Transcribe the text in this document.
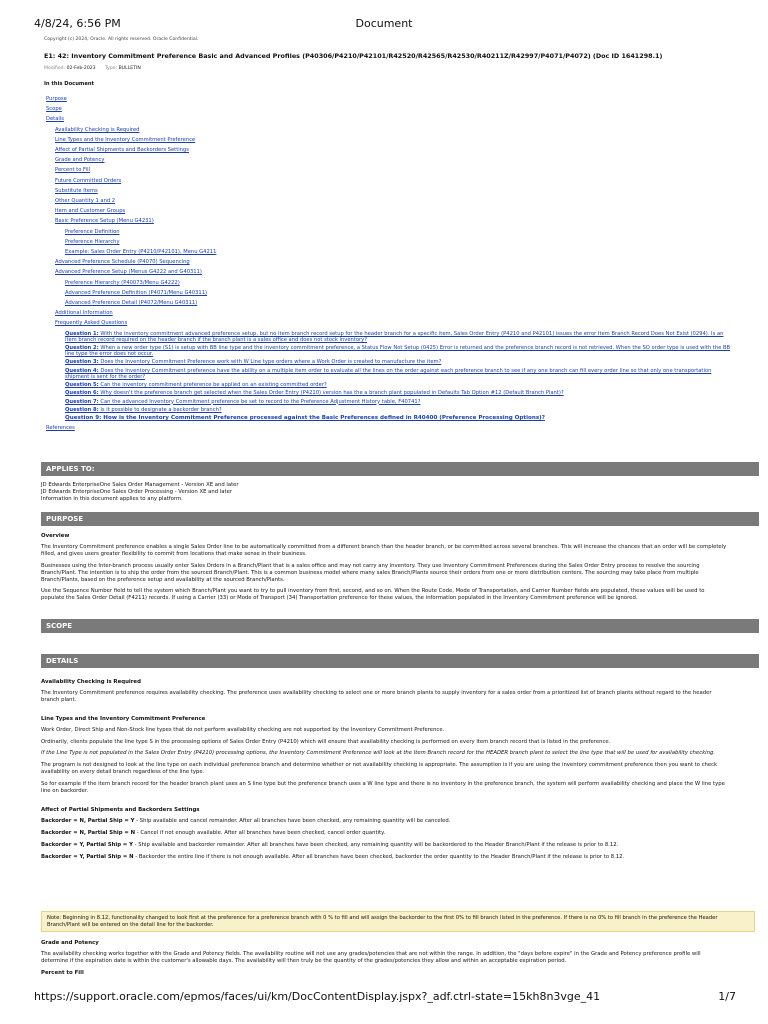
4/8/24, 6:56 PM	Document
Copyright (c) 2024, Oracle. All rights reserved. Oracle Confidential.
E1: 42: Inventory Commitment Preference Basic and Advanced Profiles (P40306/P4210/P42101/R42520/R42565/R42530/R40211Z/R42997/P4071/P4072) (Doc ID 1641298.1)
Modified: 02-Feb-2023 Type: BULLETIN
In this Document
Purpose
Scope
Details
Availability Checking is Required
Line Types and the Inventory Commitment Preference
Affect of Partial Shipments and Backorders Settings
Grade and Potency
Percent to Fill
Future Committed Orders
Substitute Items
Other Quantity 1 and 2
Item and Customer Groups
Basic Preference Setup (Menu G4231)
Preference Definition
Preference Hierarchy
Example: Sales Order Entry (P4210/P42101), Menu G4211
Advanced Preference Schedule (P4070) Sequencing
Advanced Preference Setup (Menus G4222 and G40311)
Preference Hierarchy (P40073/Menu G4222)
Advanced Preference Definition (P4071/Menu G40311)
Advanced Preference Detail (P4072/Menu G40311)
Additional Information
Frequently Asked Questions
Question 1: With the inventory commitment advanced preference setup, but no item branch record setup for the header branch for a specific item, Sales Order Entry (P4210 and P42101) issues the error Item Branch Record Does Not Exist (0294). Is an item branch record required on the header branch if the branch plant is a sales office and does not stock inventory?
Question 2: When a new order type (S1) is setup with BB line type and the inventory commitment preference, a Status Flow Not Setup (0425) Error is returned and the preference branch record is not retrieved. When the SO order type is used with the BB line type the error does not occur.
Question 3: Does the Inventory Commitment Preference work with W Line type orders where a Work Order is created to manufacture the item?
Question 4: Does the Inventory Commitment preference have the ability on a multiple item order to evaluate all the lines on the order against each preference branch to see if any one branch can fill every order line so that only one transportation shipment is sent for the order?
Question 5: Can the inventory commitment preference be applied on an existing committed order?
Question 6: Why doesn't the preference branch get selected when the Sales Order Entry (P4210) version has the a branch plant populated in Defaults Tab Option #12 (Default Branch Plant)?
Question 7: Can the advanced Inventory Commitment preference be set to record to the Preference Adjustment History table, F40741?
Question 8: Is it possible to designate a backorder branch?
Question 9: How is the Inventory Commitment Preference processed against the Basic Preferences defined in R40400 (Preference Processing Options)?
References
APPLIES TO:
JD Edwards EnterpriseOne Sales Order Management - Version XE and later
JD Edwards EnterpriseOne Sales Order Processing - Version XE and later
Information in this document applies to any platform.
PURPOSE

Overview

The Inventory Commitment preference enables a single Sales Order line to be automatically committed from a different branch than the header branch, or be committed across several branches. This will increase the chances that an order will be completely filled, and gives users greater flexibility to commit from locations that make sense in their business.

Businesses using the Inter-branch process usually enter Sales Orders in a Branch/Plant that is a sales office and may not carry any inventory. They use Inventory Commitment Preferences during the Sales Order Entry process to resolve the sourcing Branch/Plant. The intention is to ship the order from the sourced Branch/Plant. This is a common business model where many sales Branch/Plants source their orders from one or more distribution centers. The sourcing may take place from multiple Branch/Plants, based on the preference setup and availability at the sourced Branch/Plants.

Use the Sequence Number field to tell the system which Branch/Plant you want to try to pull inventory from first, second, and so on. When the Route Code, Mode of Transportation, and Carrier Number fields are populated, these values will be used to populate the Sales Order Detail (F4211) records. If using a Carrier (33) or Mode of Transport (34) Transportation preference for these values, the information populated in the Inventory Commitment preference will be ignored.

SCOPE
DETAILS

Availability Checking is Required

The Inventory Commitment preference requires availability checking. The preference uses availability checking to select one or more branch plants to supply inventory for a sales order from a prioritized list of branch plants without regard to the header branch plant.

Line Types and the Inventory Commitment Preference

Work Order, Direct Ship and Non-Stock line types that do not perform availability checking are not supported by the Inventory Commitment Preference.

Ordinarily, clients populate the line type S in the processing options of Sales Order Entry (P4210) which will ensure that availability checking is performed on every item branch record that is listed in the preference.

If the Line Type is not populated in the Sales Order Entry (P4210) processing options, the Inventory Commitment Preference will look at the Item Branch record for the HEADER branch plant to select the line type that will be used for availability checking.

The program is not designed to look at the line type on each individual preference branch and determine whether or not availability checking is appropriate. The assumption is if you are using the inventory commitment preference then you want to check availability on every detail branch regardless of the line type.

So for example if the item branch record for the header branch plant uses an S line type but the preference branch uses a W line type and there is no inventory in the preference branch, the system will perform availability checking and place the W line type line on backorder.

Affect of Partial Shipments and Backorders Settings

Backorder = N, Partial Ship = Y - Ship available and cancel remainder. After all branches have been checked, any remaining quantity will be canceled.

Backorder = N, Partial Ship = N - Cancel if not enough available. After all branches have been checked, cancel order quantity.

Backorder = Y, Partial Ship = Y - Ship available and backorder remainder. After all branches have been checked, any remaining quantity will be backordered to the Header Branch/Plant if the release is prior to 8.12.

Backorder = Y, Partial Ship = N - Backorder the entire line if there is not enough available. After all branches have been checked, backorder the order quantity to the Header Branch/Plant if the release is prior to 8.12.

Note: Beginning in 8.12, functionality changed to look first at the preference for a preference branch with 0 % to fill and will assign the backorder to the first 0% to fill branch listed in the preference. If there is no 0% to fill branch in the preference the Header Branch/Plant will be entered on the detail line for the backorder.

Grade and Potency

The availability checking works together with the Grade and Potency fields. The availability routine will not use any grades/potencies that are not within the range. In addition, the "days before expire" in the Grade and Potency preference profile will determine if the expiration date is within the customer's allowable days. The availability will then truly be the quantity of the grades/potencies they allow and within an acceptable expiration period.

Percent to Fill

https://support.oracle.com/epmos/faces/ui/km/DocContentDisplay.jspx?_adf.ctrl-state=15kh8n3vge_41	1/7
